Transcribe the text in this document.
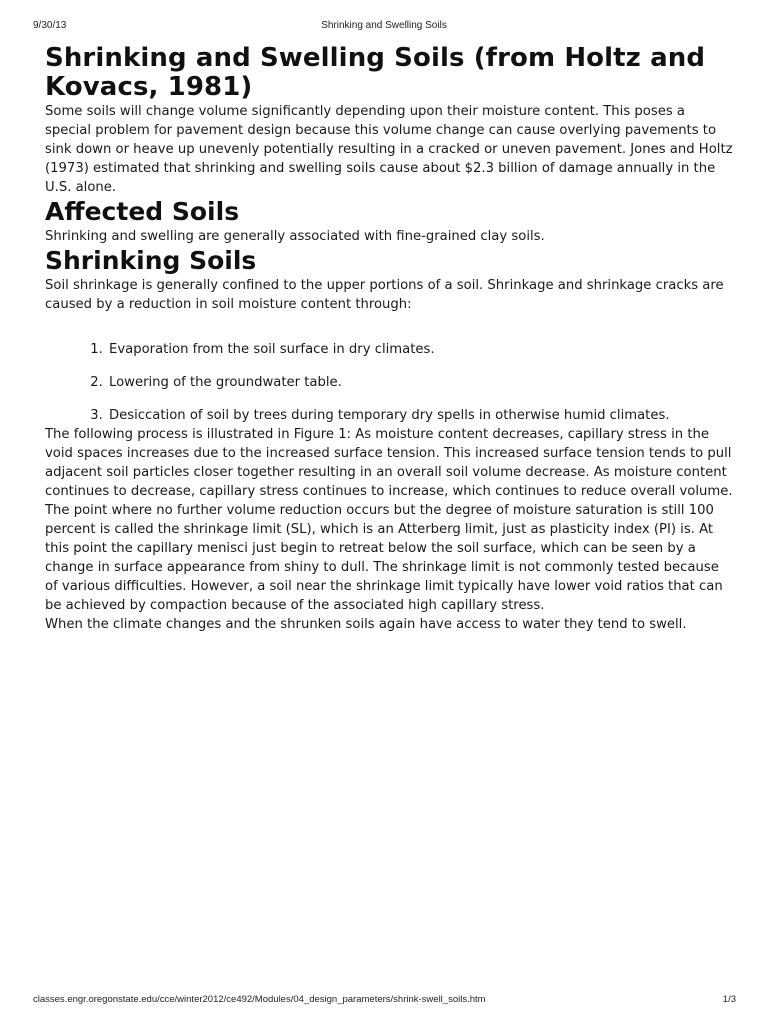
9/30/13	Shrinking and Swelling Soils
Shrinking and Swelling Soils (from Holtz and Kovacs, 1981)

Some soils will change volume significantly depending upon their moisture content. This poses a special problem for pavement design because this volume change can cause overlying pavements to sink down or heave up unevenly potentially resulting in a cracked or uneven pavement. Jones and Holtz (1973) estimated that shrinking and swelling soils cause about $2.3 billion of damage annually in the U.S. alone.

Affected Soils

Shrinking and swelling are generally associated with fine-grained clay soils.

Shrinking Soils

Soil shrinkage is generally confined to the upper portions of a soil. Shrinkage and shrinkage cracks are caused by a reduction in soil moisture content through:

1. Evaporation from the soil surface in dry climates.
2. Lowering of the groundwater table.
3. Desiccation of soil by trees during temporary dry spells in otherwise humid climates.

The following process is illustrated in Figure 1: As moisture content decreases, capillary stress in the void spaces increases due to the increased surface tension. This increased surface tension tends to pull adjacent soil particles closer together resulting in an overall soil volume decrease. As moisture content continues to decrease, capillary stress continues to increase, which continues to reduce overall volume. The point where no further volume reduction occurs but the degree of moisture saturation is still 100 percent is called the shrinkage limit (SL), which is an Atterberg limit, just as plasticity index (PI) is. At this point the capillary menisci just begin to retreat below the soil surface, which can be seen by a change in surface appearance from shiny to dull. The shrinkage limit is not commonly tested because of various difficulties. However, a soil near the shrinkage limit typically have lower void ratios that can be achieved by compaction because of the associated high capillary stress.

When the climate changes and the shrunken soils again have access to water they tend to swell.

classes.engr.oregonstate.edu/cce/winter2012/ce492/Modules/04_design_parameters/shrink-swell_soils.htm	1/3
